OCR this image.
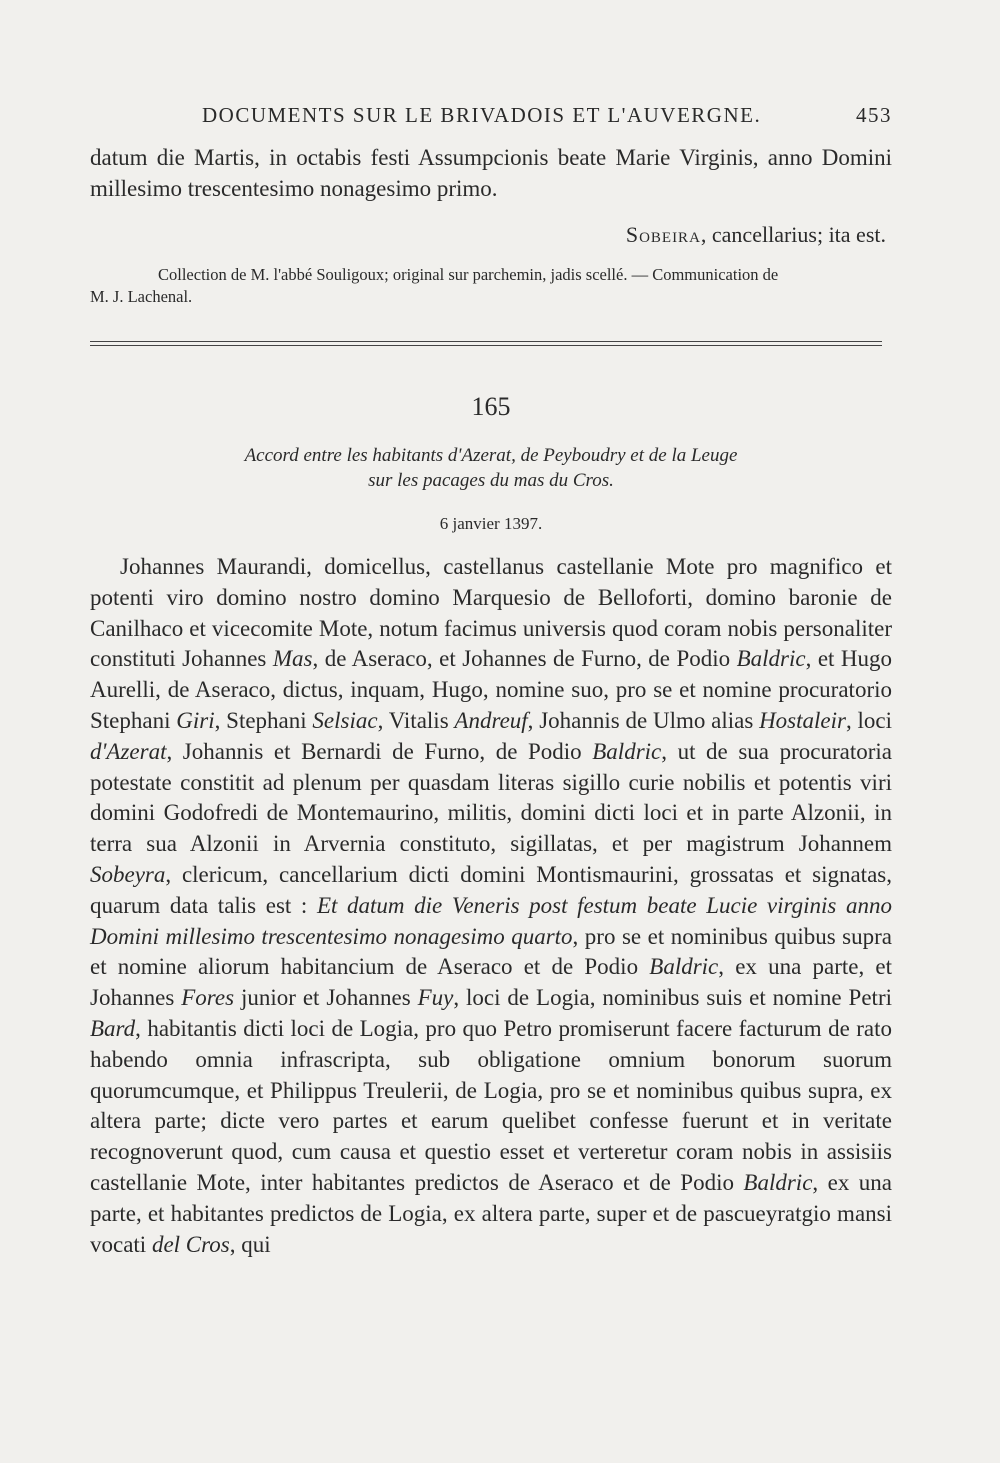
DOCUMENTS SUR LE BRIVADOIS ET L'AUVERGNE.	453

datum die Martis, in octabis festi Assumpcionis beate Marie Virginis, anno Domini millesimo trescentesimo nonagesimo primo.

Sobeira, cancellarius; ita est.
Collection de M. l'abbé Souligoux; original sur parchemin, jadis scellé. — Communication de
M. J. Lachenal.
165
Accord entre les habitants d'Azerat, de Peyboudry et de la Leuge
sur les pacages du mas du Cros.
6 janvier 1397.

Johannes Maurandi, domicellus, castellanus castellanie Mote pro magnifico et potenti viro domino nostro domino Marquesio de Belloforti, domino baronie de Canilhaco et vicecomite Mote, notum facimus universis quod coram nobis personaliter constituti Johannes Mas, de Aseraco, et Johannes de Furno, de Podio Baldric, et Hugo Aurelli, de Aseraco, dictus, inquam, Hugo, nomine suo, pro se et nomine procuratorio Stephani Giri, Stephani Selsiac, Vitalis Andreuf, Johannis de Ulmo alias Hostaleir, loci d'Azerat, Johannis et Bernardi de Furno, de Podio Baldric, ut de sua procuratoria potestate constitit ad plenum per quasdam literas sigillo curie nobilis et potentis viri domini Godofredi de Montemaurino, militis, domini dicti loci et in parte Alzonii, in terra sua Alzonii in Arvernia constituto, sigillatas, et per magistrum Johannem Sobeyra, clericum, cancellarium dicti domini Montismaurini, grossatas et signatas, quarum data talis est : Et datum die Veneris post festum beate Lucie virginis anno Domini millesimo trescentesimo nonagesimo quarto, pro se et nominibus quibus supra et nomine aliorum habitancium de Aseraco et de Podio Baldric, ex una parte, et Johannes Fores junior et Johannes Fuy, loci de Logia, nominibus suis et nomine Petri Bard, habitantis dicti loci de Logia, pro quo Petro promiserunt facere facturum de rato habendo omnia infrascripta, sub obligatione omnium bonorum suorum quorumcumque, et Philippus Treulerii, de Logia, pro se et nominibus quibus supra, ex altera parte; dicte vero partes et earum quelibet confesse fuerunt et in veritate recognoverunt quod, cum causa et questio esset et verteretur coram nobis in assisiis castellanie Mote, inter habitantes predictos de Aseraco et de Podio Baldric, ex una parte, et habitantes predictos de Logia, ex altera parte, super et de pascueyratgio mansi vocati del Cros, qui
